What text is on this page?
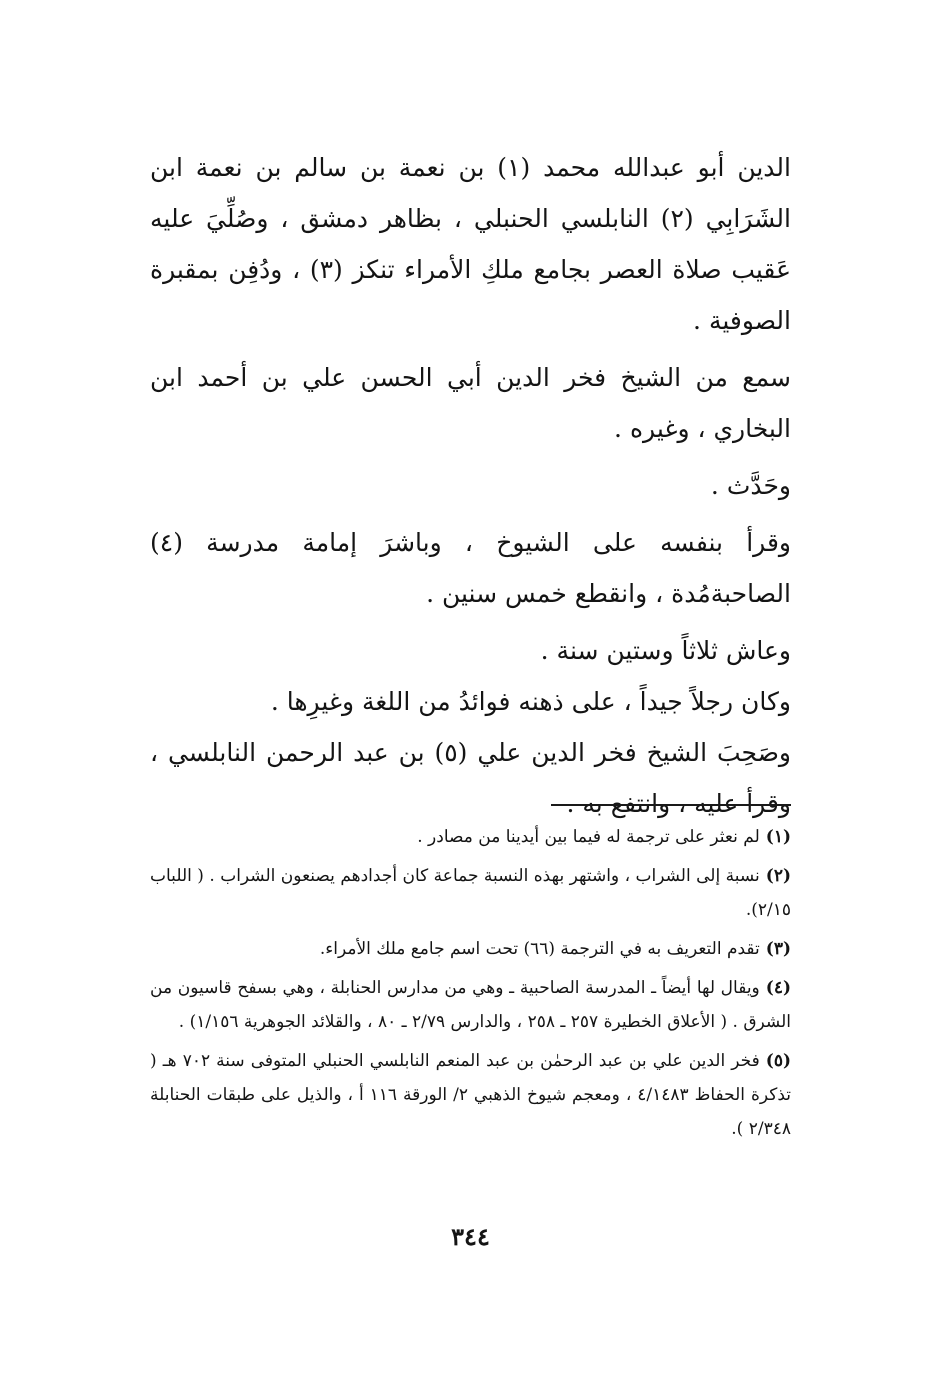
الدين أبو عبدالله محمد (١) بن نعمة بن سالم بن نعمة ابن الشَرَابِي (٢) النابلسي الحنبلي ، بظاهر دمشق ، وصُلِّيَ عليه عَقيب صلاة العصر بجامع ملكِ الأمراء تنكز (٣) ، ودُفِن بمقبرة الصوفية .

سمع من الشيخ فخر الدين أبي الحسن علي بن أحمد ابن البخاري ، وغيره .

وحَدَّث .

وقرأ بنفسه على الشيوخ ، وباشرَ إمامة مدرسة (٤) الصاحبةمُدة ، وانقطع خمس سنين .

وعاش ثلاثاً وستين سنة .

وكان رجلاً جيداً ، على ذهنه فوائدُ من اللغة وغيرِها .

وصَحِبَ الشيخ فخر الدين علي (٥) بن عبد الرحمن النابلسي ، وقرأ عليه ، وانتفع به .

(١)لم نعثر على ترجمة له فيما بين أيدينا من مصادر .

(٢)نسبة إلى الشراب ، واشتهر بهذه النسبة جماعة كان أجدادهم يصنعون الشراب . ( اللباب ٢/١٥).

(٣)تقدم التعريف به في الترجمة (٦٦) تحت اسم جامع ملك الأمراء.

(٤)ويقال لها أيضاً ـ المدرسة الصاحبية ـ وهي من مدارس الحنابلة ، وهي بسفح قاسيون من الشرق . ( الأعلاق الخطيرة ٢٥٧ ـ ٢٥٨ ، والدارس ٢/٧٩ ـ ٨٠ ، والقلائد الجوهرية ١/١٥٦) .

(٥)فخر الدين علي بن عبد الرحمٰن بن عبد المنعم النابلسي الحنبلي المتوفى سنة ٧٠٢ هـ ( تذكرة الحفاظ ٤/١٤٨٣ ، ومعجم شيوخ الذهبي ٢/ الورقة ١١٦ أ ، والذيل على طبقات الحنابلة ٢/٣٤٨ ).

٣٤٤
